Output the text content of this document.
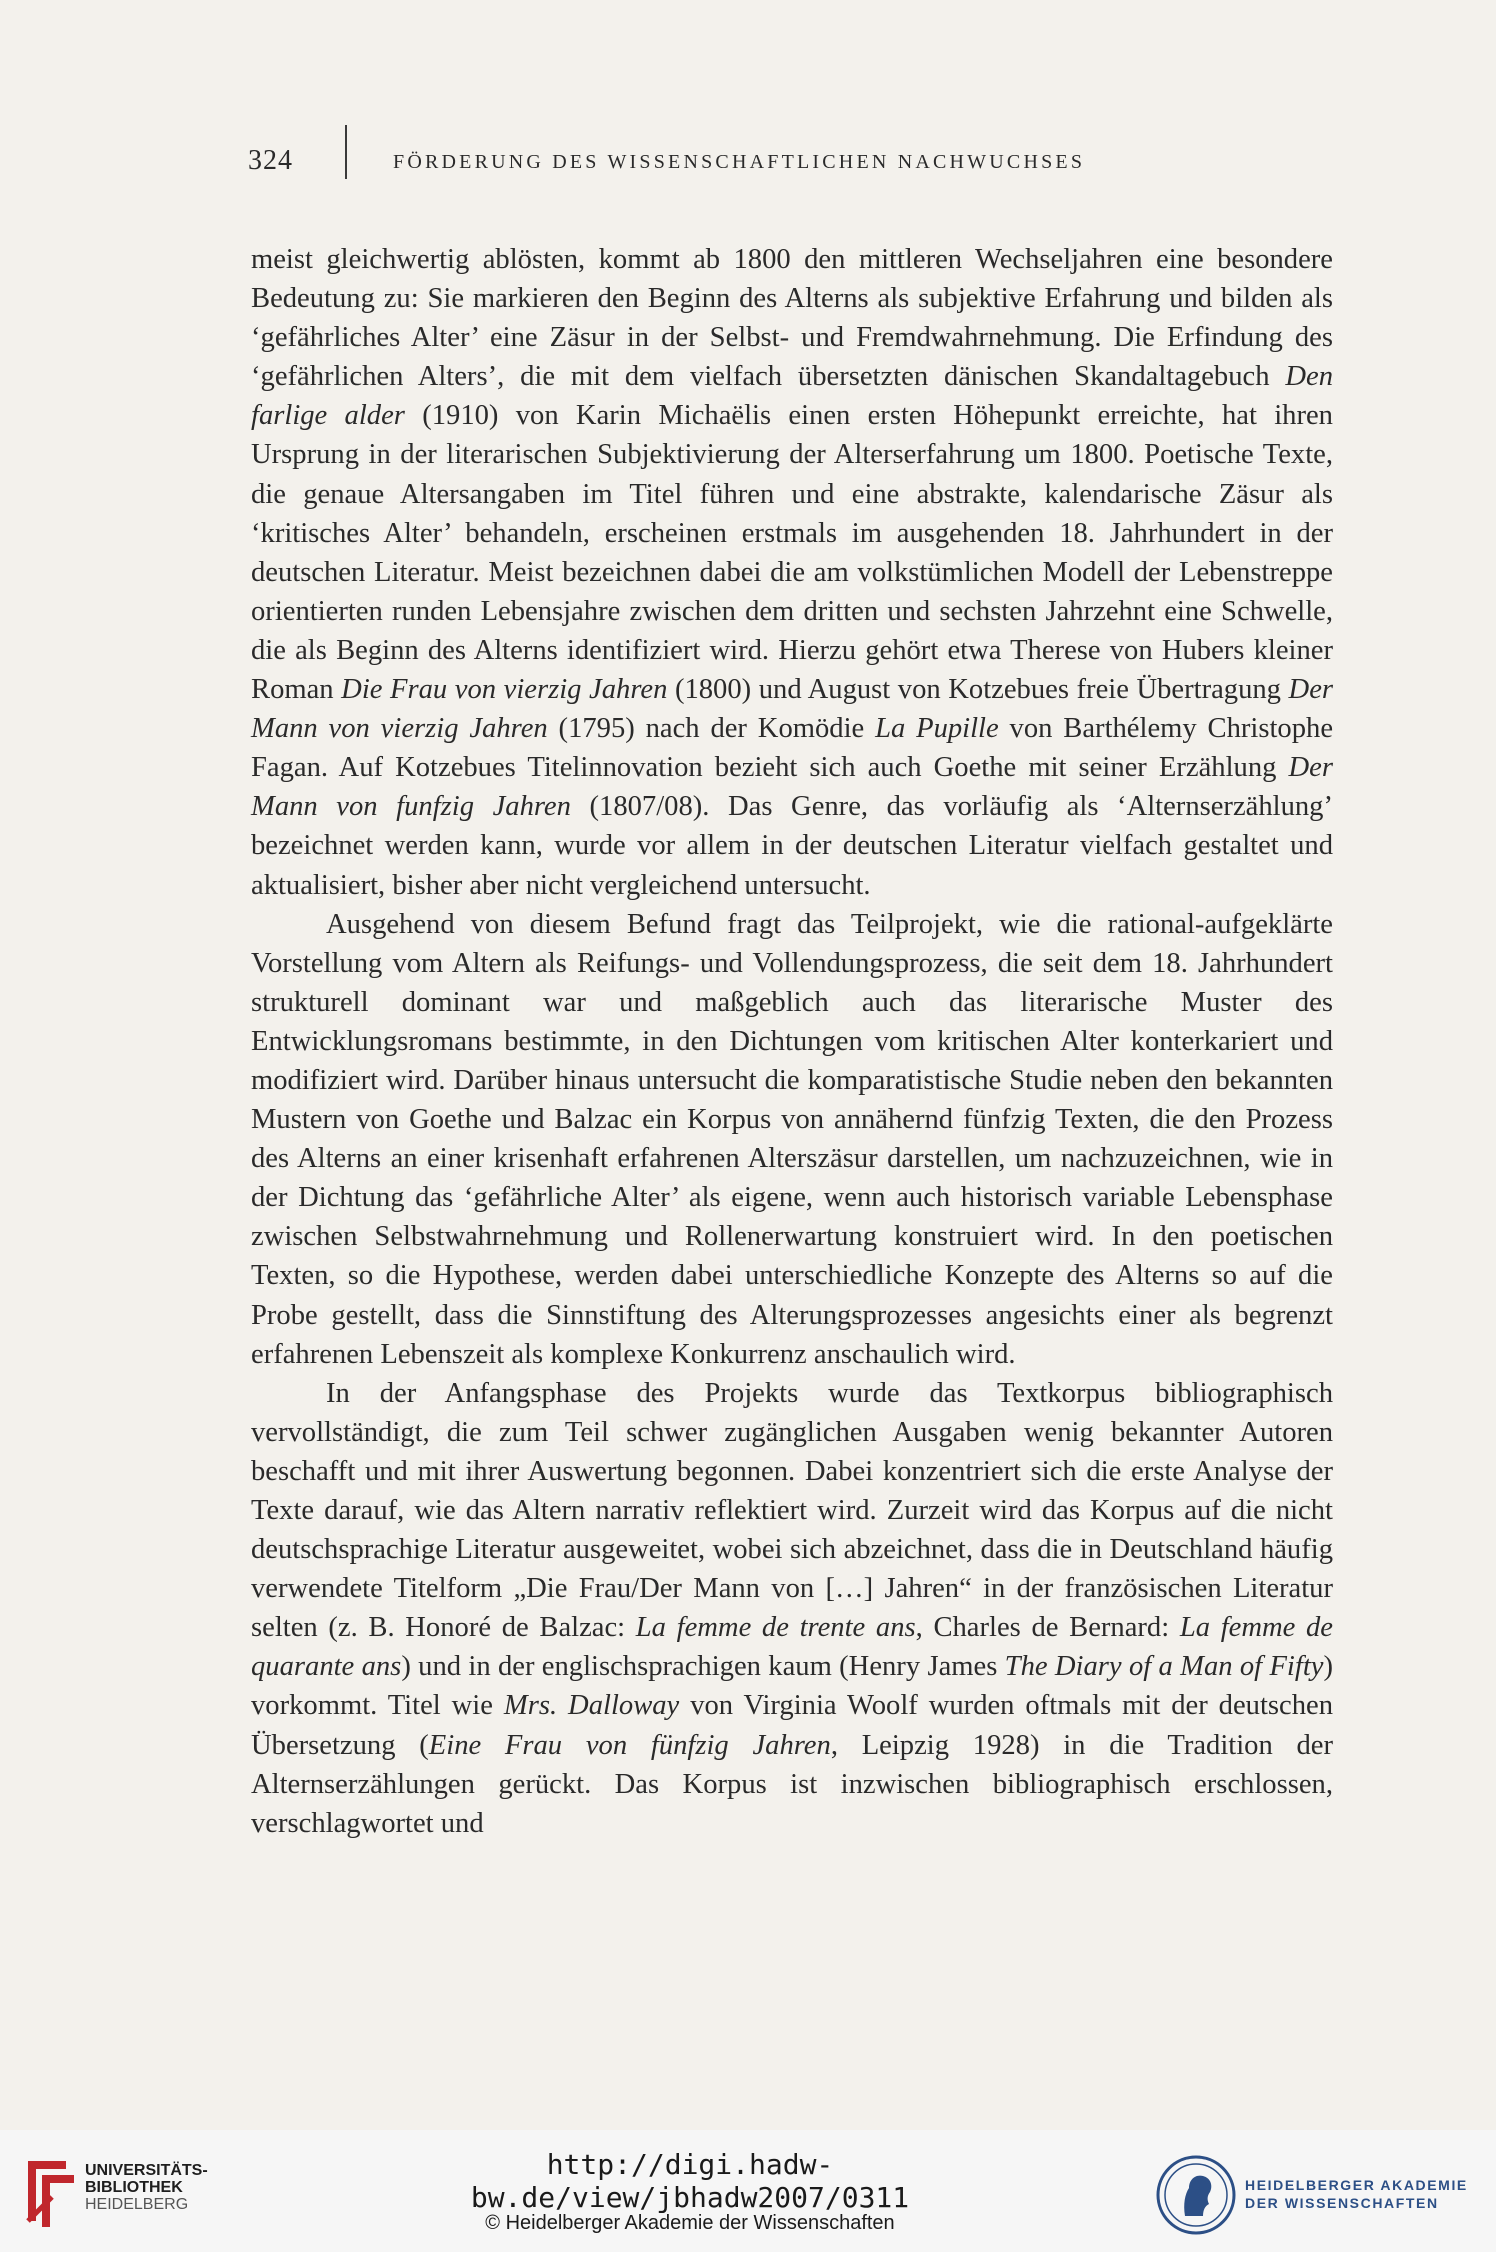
324	FÖRDERUNG DES WISSENSCHAFTLICHEN NACHWUCHSES

meist gleichwertig ablösten, kommt ab 1800 den mittleren Wechseljahren eine besondere Bedeutung zu: Sie markieren den Beginn des Alterns als subjektive Erfahrung und bilden als ‘gefährliches Alter’ eine Zäsur in der Selbst- und Fremdwahrnehmung. Die Erfindung des ‘gefährlichen Alters’, die mit dem vielfach übersetzten dänischen Skandaltagebuch Den farlige alder (1910) von Karin Michaëlis einen ersten Höhepunkt erreichte, hat ihren Ursprung in der literarischen Subjektivierung der Alterserfahrung um 1800. Poetische Texte, die genaue Altersangaben im Titel führen und eine abstrakte, kalendarische Zäsur als ‘kritisches Alter’ behandeln, erscheinen erstmals im ausgehenden 18. Jahrhundert in der deutschen Literatur. Meist bezeichnen dabei die am volkstümlichen Modell der Lebenstreppe orientierten runden Lebensjahre zwischen dem dritten und sechsten Jahrzehnt eine Schwelle, die als Beginn des Alterns identifiziert wird. Hierzu gehört etwa Therese von Hubers kleiner Roman Die Frau von vierzig Jahren (1800) und August von Kotzebues freie Übertragung Der Mann von vierzig Jahren (1795) nach der Komödie La Pupille von Barthélemy Christophe Fagan. Auf Kotzebues Titelinnovation bezieht sich auch Goethe mit seiner Erzählung Der Mann von funfzig Jahren (1807/08). Das Genre, das vorläufig als ‘Alternserzählung’ bezeichnet werden kann, wurde vor allem in der deutschen Literatur vielfach gestaltet und aktualisiert, bisher aber nicht vergleichend untersucht.

Ausgehend von diesem Befund fragt das Teilprojekt, wie die rational-aufgeklärte Vorstellung vom Altern als Reifungs- und Vollendungsprozess, die seit dem 18. Jahrhundert strukturell dominant war und maßgeblich auch das literarische Muster des Entwicklungsromans bestimmte, in den Dichtungen vom kritischen Alter konterkariert und modifiziert wird. Darüber hinaus untersucht die komparatistische Studie neben den bekannten Mustern von Goethe und Balzac ein Korpus von annähernd fünfzig Texten, die den Prozess des Alterns an einer krisenhaft erfahrenen Alterszäsur darstellen, um nachzuzeichnen, wie in der Dichtung das ‘gefährliche Alter’ als eigene, wenn auch historisch variable Lebensphase zwischen Selbstwahrnehmung und Rollenerwartung konstruiert wird. In den poetischen Texten, so die Hypothese, werden dabei unterschiedliche Konzepte des Alterns so auf die Probe gestellt, dass die Sinnstiftung des Alterungsprozesses angesichts einer als begrenzt erfahrenen Lebenszeit als komplexe Konkurrenz anschaulich wird.

In der Anfangsphase des Projekts wurde das Textkorpus bibliographisch vervollständigt, die zum Teil schwer zugänglichen Ausgaben wenig bekannter Autoren beschafft und mit ihrer Auswertung begonnen. Dabei konzentriert sich die erste Analyse der Texte darauf, wie das Altern narrativ reflektiert wird. Zurzeit wird das Korpus auf die nicht deutschsprachige Literatur ausgeweitet, wobei sich abzeichnet, dass die in Deutschland häufig verwendete Titelform „Die Frau/Der Mann von […] Jahren“ in der französischen Literatur selten (z. B. Honoré de Balzac: La femme de trente ans, Charles de Bernard: La femme de quarante ans) und in der englischsprachigen kaum (Henry James The Diary of a Man of Fifty) vorkommt. Titel wie Mrs. Dalloway von Virginia Woolf wurden oftmals mit der deutschen Übersetzung (Eine Frau von fünfzig Jahren, Leipzig 1928) in die Tradition der Alternserzählungen gerückt. Das Korpus ist inzwischen bibliographisch erschlossen, verschlagwortet und

UNIVERSITÄTS-
BIBLIOTHEK
HEIDELBERG
http://digi.hadw-bw.de/view/jbhadw2007/0311
© Heidelberger Akademie der Wissenschaften
HEIDELBERGER AKADEMIE
DER WISSENSCHAFTEN
